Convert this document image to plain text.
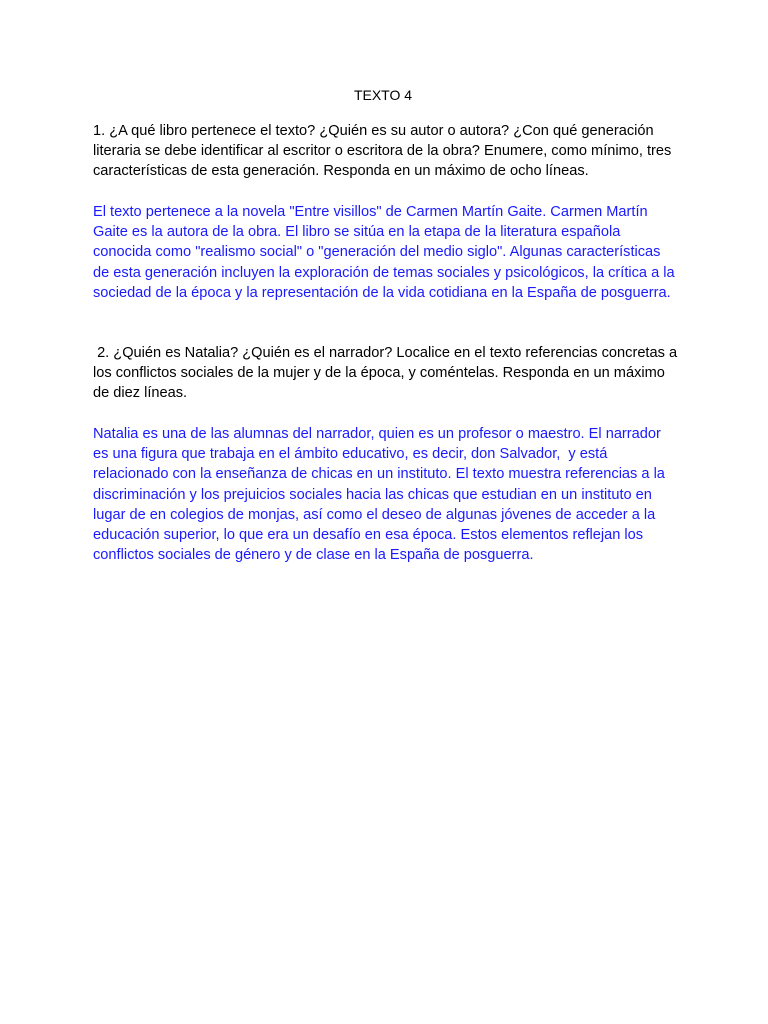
TEXTO 4

1. ¿A qué libro pertenece el texto? ¿Quién es su autor o autora? ¿Con qué generación literaria se debe identificar al escritor o escritora de la obra? Enumere, como mínimo, tres características de esta generación. Responda en un máximo de ocho líneas.

El texto pertenece a la novela "Entre visillos" de Carmen Martín Gaite. Carmen Martín Gaite es la autora de la obra. El libro se sitúa en la etapa de la literatura española conocida como "realismo social" o "generación del medio siglo". Algunas características de esta generación incluyen la exploración de temas sociales y psicológicos, la crítica a la sociedad de la época y la representación de la vida cotidiana en la España de posguerra.

2. ¿Quién es Natalia? ¿Quién es el narrador? Localice en el texto referencias concretas a los conflictos sociales de la mujer y de la época, y coméntelas. Responda en un máximo de diez líneas.

Natalia es una de las alumnas del narrador, quien es un profesor o maestro. El narrador es una figura que trabaja en el ámbito educativo, es decir, don Salvador,  y está relacionado con la enseñanza de chicas en un instituto. El texto muestra referencias a la discriminación y los prejuicios sociales hacia las chicas que estudian en un instituto en lugar de en colegios de monjas, así como el deseo de algunas jóvenes de acceder a la educación superior, lo que era un desafío en esa época. Estos elementos reflejan los conflictos sociales de género y de clase en la España de posguerra.
